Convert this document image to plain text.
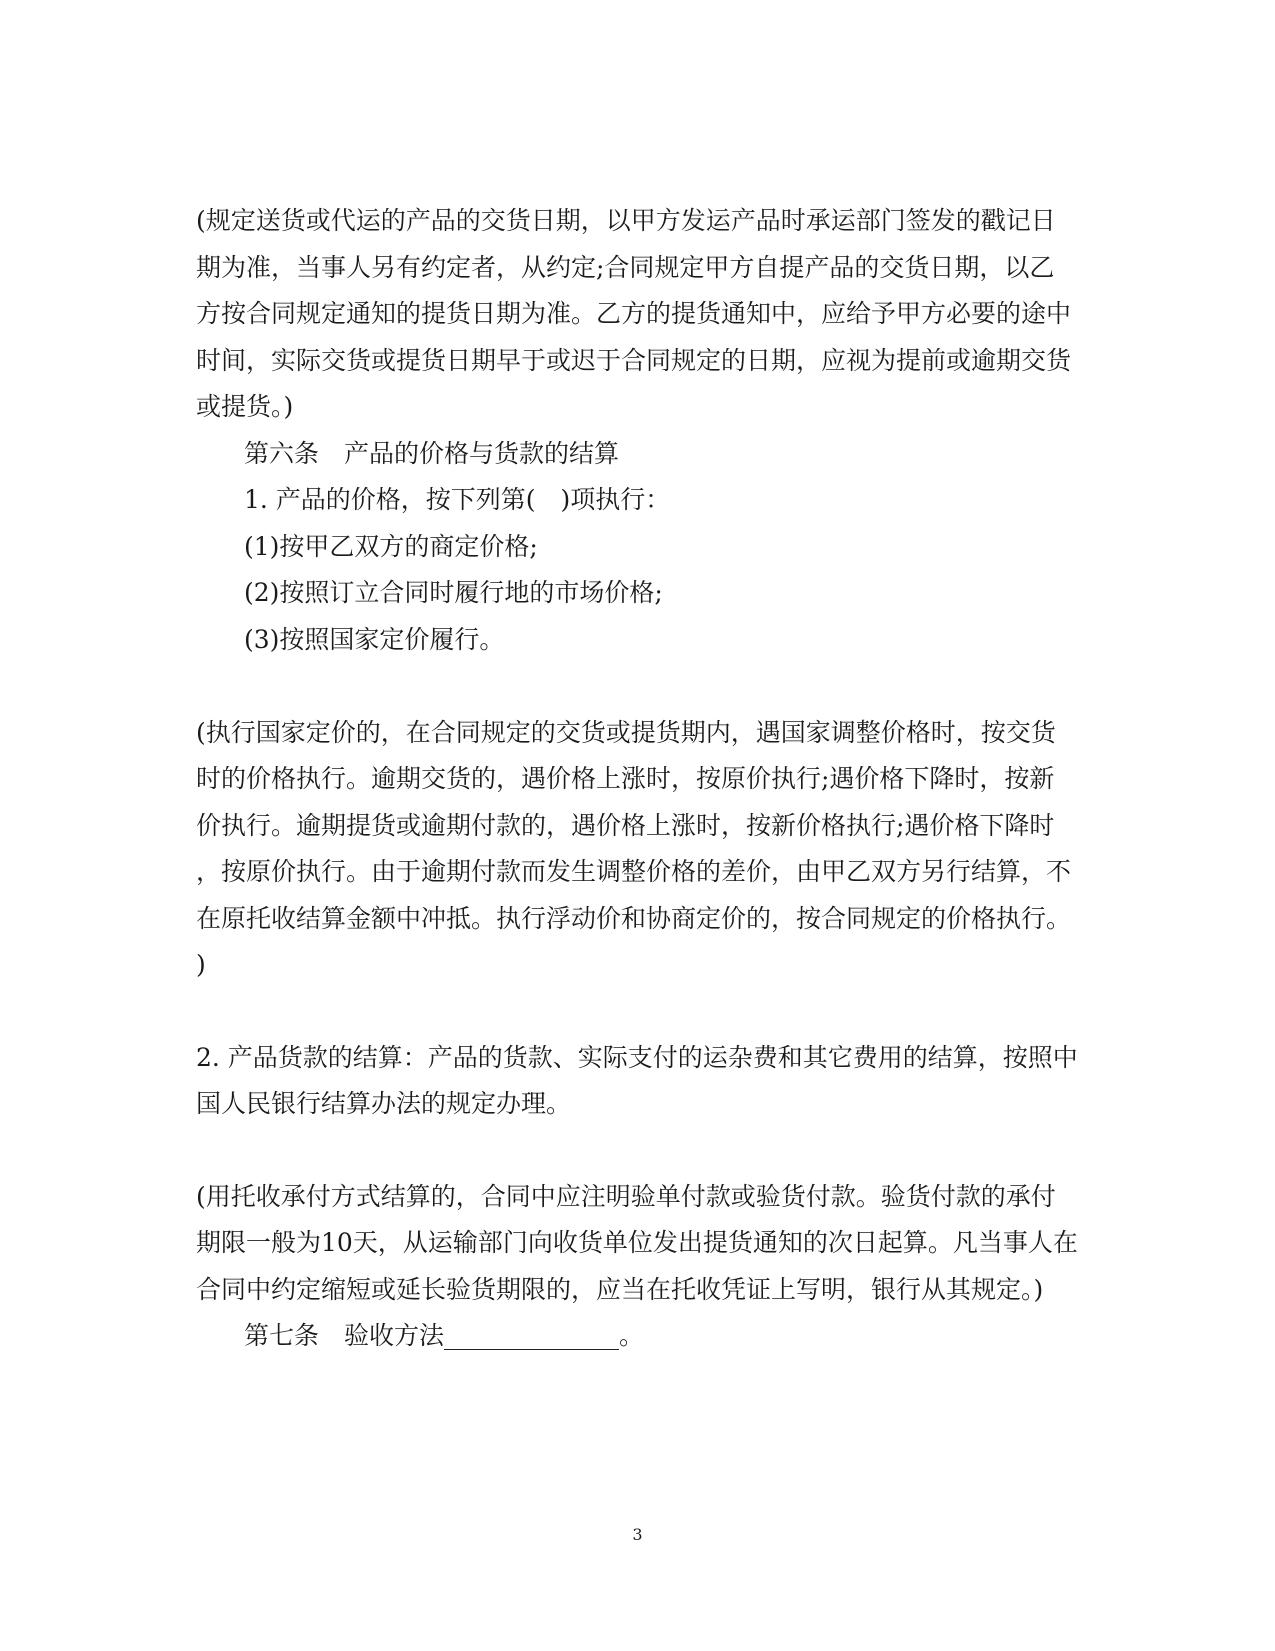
(规定送货或代运的产品的交货日期，以甲方发运产品时承运部门签发的戳记日
期为准，当事人另有约定者，从约定;合同规定甲方自提产品的交货日期，以乙
方按合同规定通知的提货日期为准。乙方的提货通知中，应给予甲方必要的途中
时间，实际交货或提货日期早于或迟于合同规定的日期，应视为提前或逾期交货
或提货。)
第六条　产品的价格与货款的结算
1. 产品的价格，按下列第(　)项执行：
(1)按甲乙双方的商定价格;
(2)按照订立合同时履行地的市场价格;
(3)按照国家定价履行。
(执行国家定价的，在合同规定的交货或提货期内，遇国家调整价格时，按交货
时的价格执行。逾期交货的，遇价格上涨时，按原价执行;遇价格下降时，按新
价执行。逾期提货或逾期付款的，遇价格上涨时，按新价格执行;遇价格下降时
，按原价执行。由于逾期付款而发生调整价格的差价，由甲乙双方另行结算，不
在原托收结算金额中冲抵。执行浮动价和协商定价的，按合同规定的价格执行。
)
2. 产品货款的结算：产品的货款、实际支付的运杂费和其它费用的结算，按照中
国人民银行结算办法的规定办理。
(用托收承付方式结算的，合同中应注明验单付款或验货付款。验货付款的承付
期限一般为10天，从运输部门向收货单位发出提货通知的次日起算。凡当事人在
合同中约定缩短或延长验货期限的，应当在托收凭证上写明，银行从其规定。)
第七条　验收方法______________。
3
